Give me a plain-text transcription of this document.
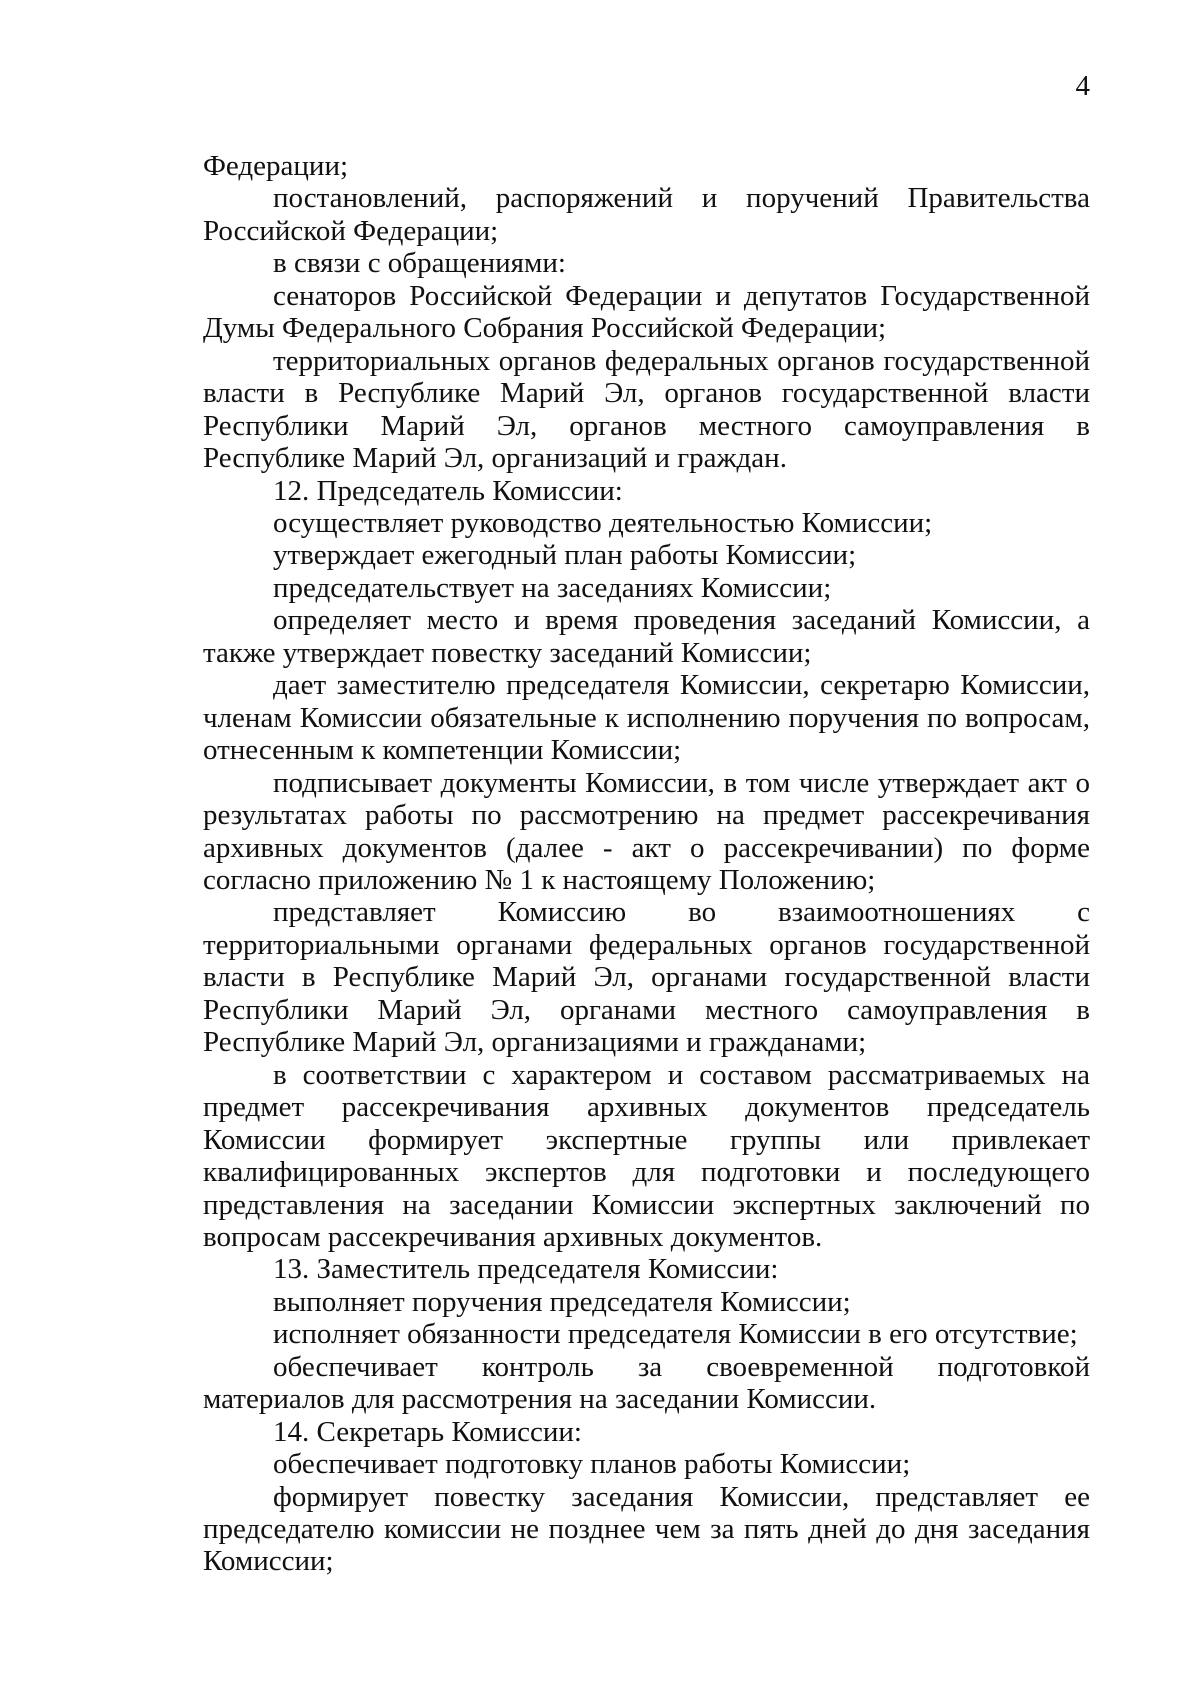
4

Федерации;

постановлений, распоряжений и поручений Правительства Российской Федерации;

в связи с обращениями:

сенаторов Российской Федерации и депутатов Государственной Думы Федерального Собрания Российской Федерации;

территориальных органов федеральных органов государственной власти в Республике Марий Эл, органов государственной власти Республики Марий Эл, органов местного самоуправления в Республике Марий Эл, организаций и граждан.

12. Председатель Комиссии:

осуществляет руководство деятельностью Комиссии;

утверждает ежегодный план работы Комиссии;

председательствует на заседаниях Комиссии;

определяет место и время проведения заседаний Комиссии, а также утверждает повестку заседаний Комиссии;

дает заместителю председателя Комиссии, секретарю Комиссии, членам Комиссии обязательные к исполнению поручения по вопросам, отнесенным к компетенции Комиссии;

подписывает документы Комиссии, в том числе утверждает акт о результатах работы по рассмотрению на предмет рассекречивания архивных документов (далее - акт о рассекречивании) по форме согласно приложению № 1 к настоящему Положению;

представляет Комиссию во взаимоотношениях с территориальными органами федеральных органов государственной власти в Республике Марий Эл, органами государственной власти Республики Марий Эл, органами местного самоуправления в Республике Марий Эл, организациями и гражданами;

в соответствии с характером и составом рассматриваемых на предмет рассекречивания архивных документов председатель Комиссии формирует экспертные группы или привлекает квалифицированных экспертов для подготовки и последующего представления на заседании Комиссии экспертных заключений по вопросам рассекречивания архивных документов.

13. Заместитель председателя Комиссии:

выполняет поручения председателя Комиссии;

исполняет обязанности председателя Комиссии в его отсутствие;

обеспечивает контроль за своевременной подготовкой материалов для рассмотрения на заседании Комиссии.

14. Секретарь Комиссии:

обеспечивает подготовку планов работы Комиссии;

формирует повестку заседания Комиссии, представляет ее председателю комиссии не позднее чем за пять дней до дня заседания Комиссии;
